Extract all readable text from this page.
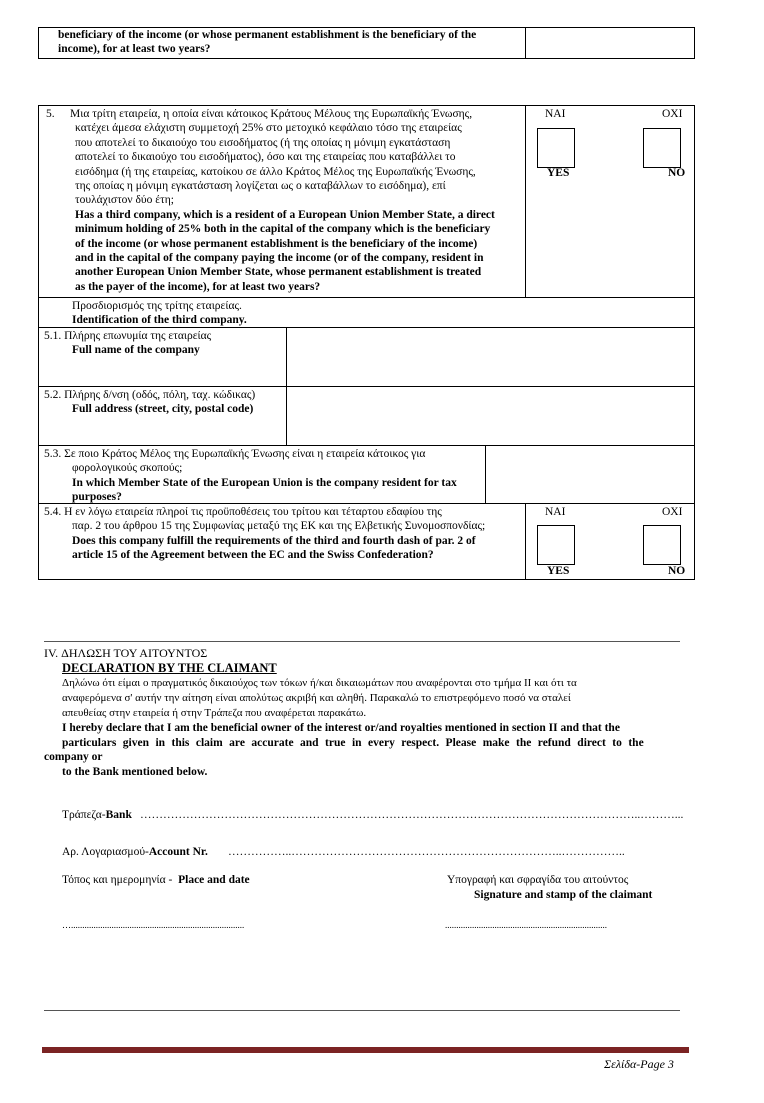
beneficiary of the income (or whose permanent establishment is the beneficiary of the
income), for at least two years?
5. Μια τρίτη εταιρεία, η οποία είναι κάτοικος Κράτους Μέλους της Ευρωπαϊκής Ένωσης,
κατέχει άμεσα ελάχιστη συμμετοχή 25% στο μετοχικό κεφάλαιο τόσο της εταιρείας
που αποτελεί το δικαιούχο του εισοδήματος (ή της οποίας η μόνιμη εγκατάσταση
αποτελεί το δικαιούχο του εισοδήματος), όσο και της εταιρείας που καταβάλλει το
εισόδημα (ή της εταιρείας, κατοίκου σε άλλο Κράτος Μέλος της Ευρωπαϊκής Ένωσης,
της οποίας η μόνιμη εγκατάσταση λογίζεται ως ο καταβάλλων το εισόδημα), επί
τουλάχιστον δύο έτη;
Has a third company, which is a resident of a European Union Member State, a direct
minimum holding of 25% both in the capital of the company which is the beneficiary
of the income (or whose permanent establishment is the beneficiary of the income)
and in the capital of the company paying the income (or of the company, resident in
another European Union Member State, whose permanent establishment is treated
as the payer of the income), for at least two years?
ΝΑΙ	ΟΧΙ
YES	NO
Προσδιορισμός της τρίτης εταιρείας.
Identification of the third company.
5.1. Πλήρης επωνυμία της εταιρείας
Full name of the company
5.2. Πλήρης δ/νση (οδός, πόλη, ταχ. κώδικας)
Full address (street, city, postal code)
5.3. Σε ποιο Κράτος Μέλος της Ευρωπαϊκής Ένωσης είναι η εταιρεία κάτοικος για
φορολογικούς σκοπούς;
In which Member State of the European Union is the company resident for tax
purposes?
5.4. Η εν λόγω εταιρεία πληροί τις προϋποθέσεις του τρίτου και τέταρτου εδαφίου της
παρ. 2 του άρθρου 15 της Συμφωνίας μεταξύ της ΕΚ και της Ελβετικής Συνομοσπονδίας;
Does this company fulfill the requirements of the third and fourth dash of par. 2 of
article 15 of the Agreement between the EC and the Swiss Confederation?
ΝΑΙ	ΟΧΙ
YES	NO
IV. ΔΗΛΩΣΗ ΤΟΥ ΑΙΤΟΥΝΤΟΣ
DECLARATION BY THE CLAIMANT
Δηλώνω ότι είμαι ο πραγματικός δικαιούχος των τόκων ή/και δικαιωμάτων που αναφέρονται στο τμήμα II και ότι τα
αναφερόμενα σ' αυτήν την αίτηση είναι απολύτως ακριβή και αληθή. Παρακαλώ το επιστρεφόμενο ποσό να σταλεί
απευθείας στην εταιρεία ή στην Τράπεζα που αναφέρεται παρακάτω.
I hereby declare that I am the beneficial owner of the interest or/and royalties mentioned in section II and that the
particulars given in this claim are accurate and true in every respect. Please make the refund direct to the
company or
to the Bank mentioned below.
Τράπεζα-Bank …………………………………………………………………………………………………………………..………...
Αρ. Λογαριασμού-Account Nr. ……………..……………………………………………………………..……………..
Τόπος και ημερομηνία - Place and date	Υπογραφή και σφραγίδα του αιτούντος
Signature and stamp of the claimant
….............................................................................	........................................................................
Σελίδα-Page 3
